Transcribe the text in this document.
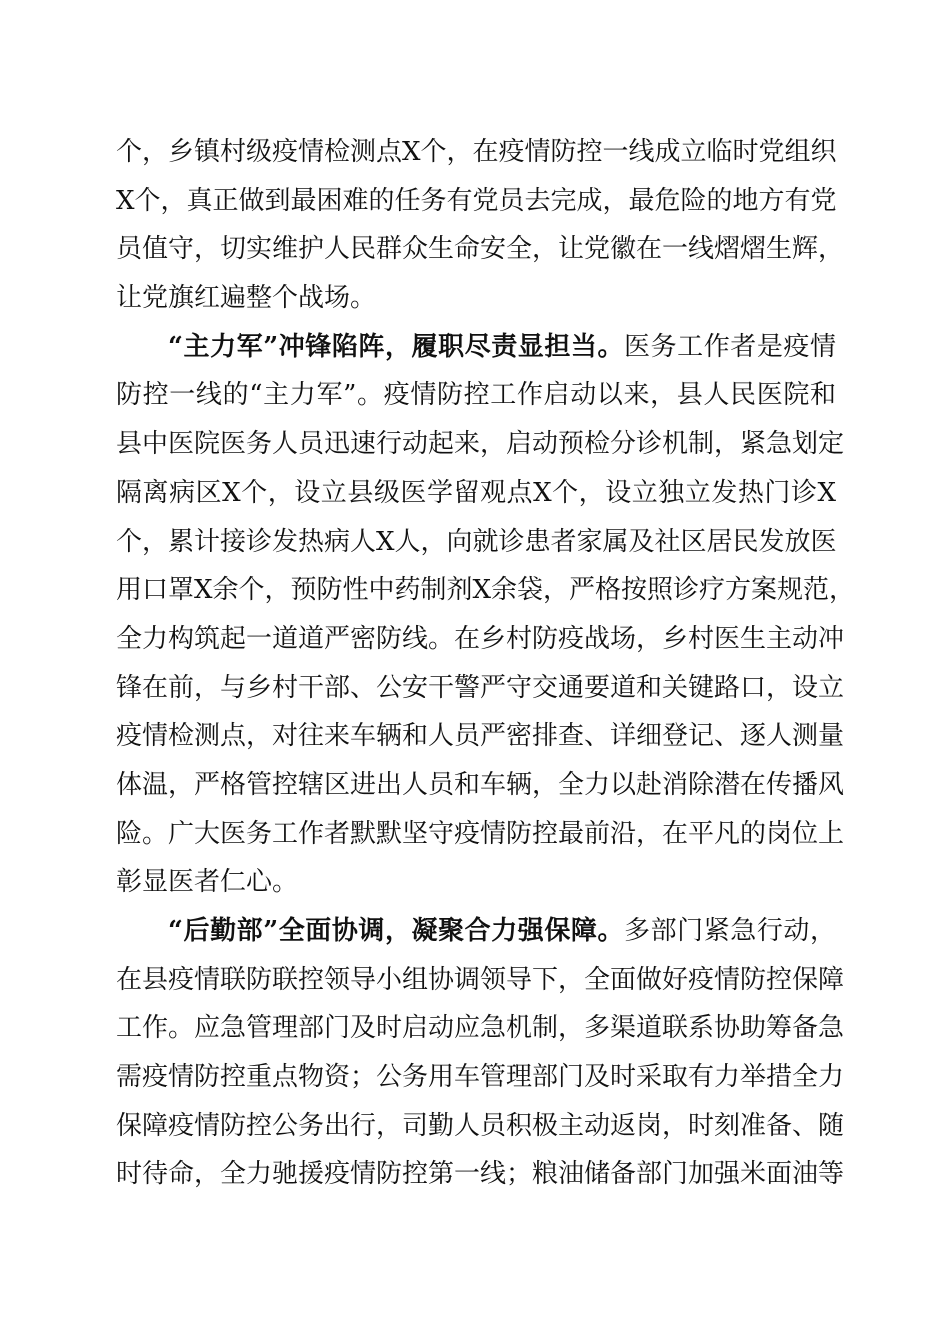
个，乡镇村级疫情检测点X个，在疫情防控一线成立临时党组织
X个，真正做到最困难的任务有党员去完成，最危险的地方有党
员值守，切实维护人民群众生命安全，让党徽在一线熠熠生辉，
让党旗红遍整个战场。
“主力军”冲锋陷阵，履职尽责显担当。医务工作者是疫情
防控一线的“主力军”。疫情防控工作启动以来，县人民医院和
县中医院医务人员迅速行动起来，启动预检分诊机制，紧急划定
隔离病区X个，设立县级医学留观点X个，设立独立发热门诊X
个，累计接诊发热病人X人，向就诊患者家属及社区居民发放医
用口罩X余个，预防性中药制剂X余袋，严格按照诊疗方案规范，
全力构筑起一道道严密防线。在乡村防疫战场，乡村医生主动冲
锋在前，与乡村干部、公安干警严守交通要道和关键路口，设立
疫情检测点，对往来车辆和人员严密排查、详细登记、逐人测量
体温，严格管控辖区进出人员和车辆，全力以赴消除潜在传播风
险。广大医务工作者默默坚守疫情防控最前沿，在平凡的岗位上
彰显医者仁心。
“后勤部”全面协调，凝聚合力强保障。多部门紧急行动，
在县疫情联防联控领导小组协调领导下，全面做好疫情防控保障
工作。应急管理部门及时启动应急机制，多渠道联系协助筹备急
需疫情防控重点物资；公务用车管理部门及时采取有力举措全力
保障疫情防控公务出行，司勤人员积极主动返岗，时刻准备、随
时待命，全力驰援疫情防控第一线；粮油储备部门加强米面油等
